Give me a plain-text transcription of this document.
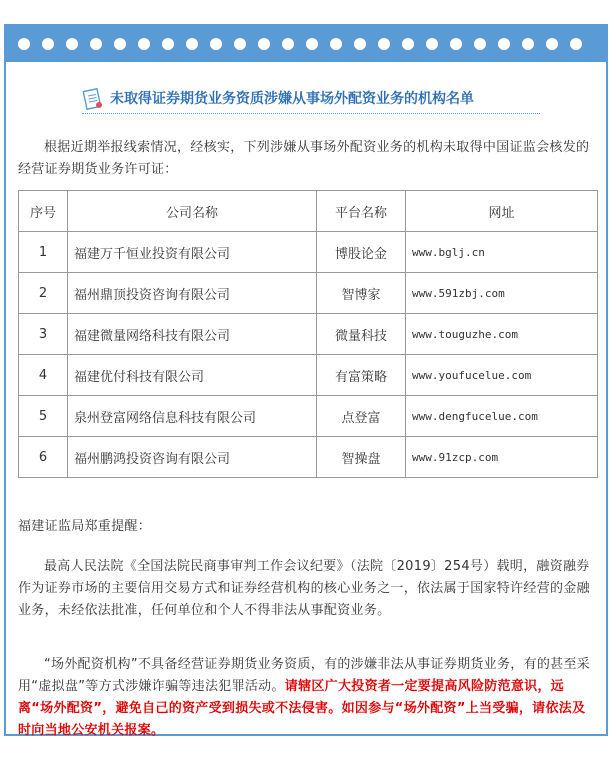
未取得证券期货业务资质涉嫌从事场外配资业务的机构名单

根据近期举报线索情况，经核实，下列涉嫌从事场外配资业务的机构未取得中国证监会核发的经营证券期货业务许可证：

序号	公司名称	平台名称	网址
1	福建万千恒业投资有限公司	博股论金	www.bglj.cn
2	福州鼎顶投资咨询有限公司	智博家	www.591zbj.com
3	福建微量网络科技有限公司	微量科技	www.touguzhe.com
4	福建优付科技有限公司	有富策略	www.youfucelue.com
5	泉州登富网络信息科技有限公司	点登富	www.dengfucelue.com
6	福州鹏鸿投资咨询有限公司	智操盘	www.91zcp.com

福建证监局郑重提醒：

最高人民法院《全国法院民商事审判工作会议纪要》（法院〔2019〕254号）载明，融资融券作为证券市场的主要信用交易方式和证券经营机构的核心业务之一，依法属于国家特许经营的金融业务，未经依法批准，任何单位和个人不得非法从事配资业务。

“场外配资机构”不具备经营证券期货业务资质，有的涉嫌非法从事证券期货业务，有的甚至采用“虚拟盘”等方式涉嫌诈骗等违法犯罪活动。请辖区广大投资者一定要提高风险防范意识，远离“场外配资”，避免自己的资产受到损失或不法侵害。如因参与“场外配资”上当受骗，请依法及时向当地公安机关报案。
